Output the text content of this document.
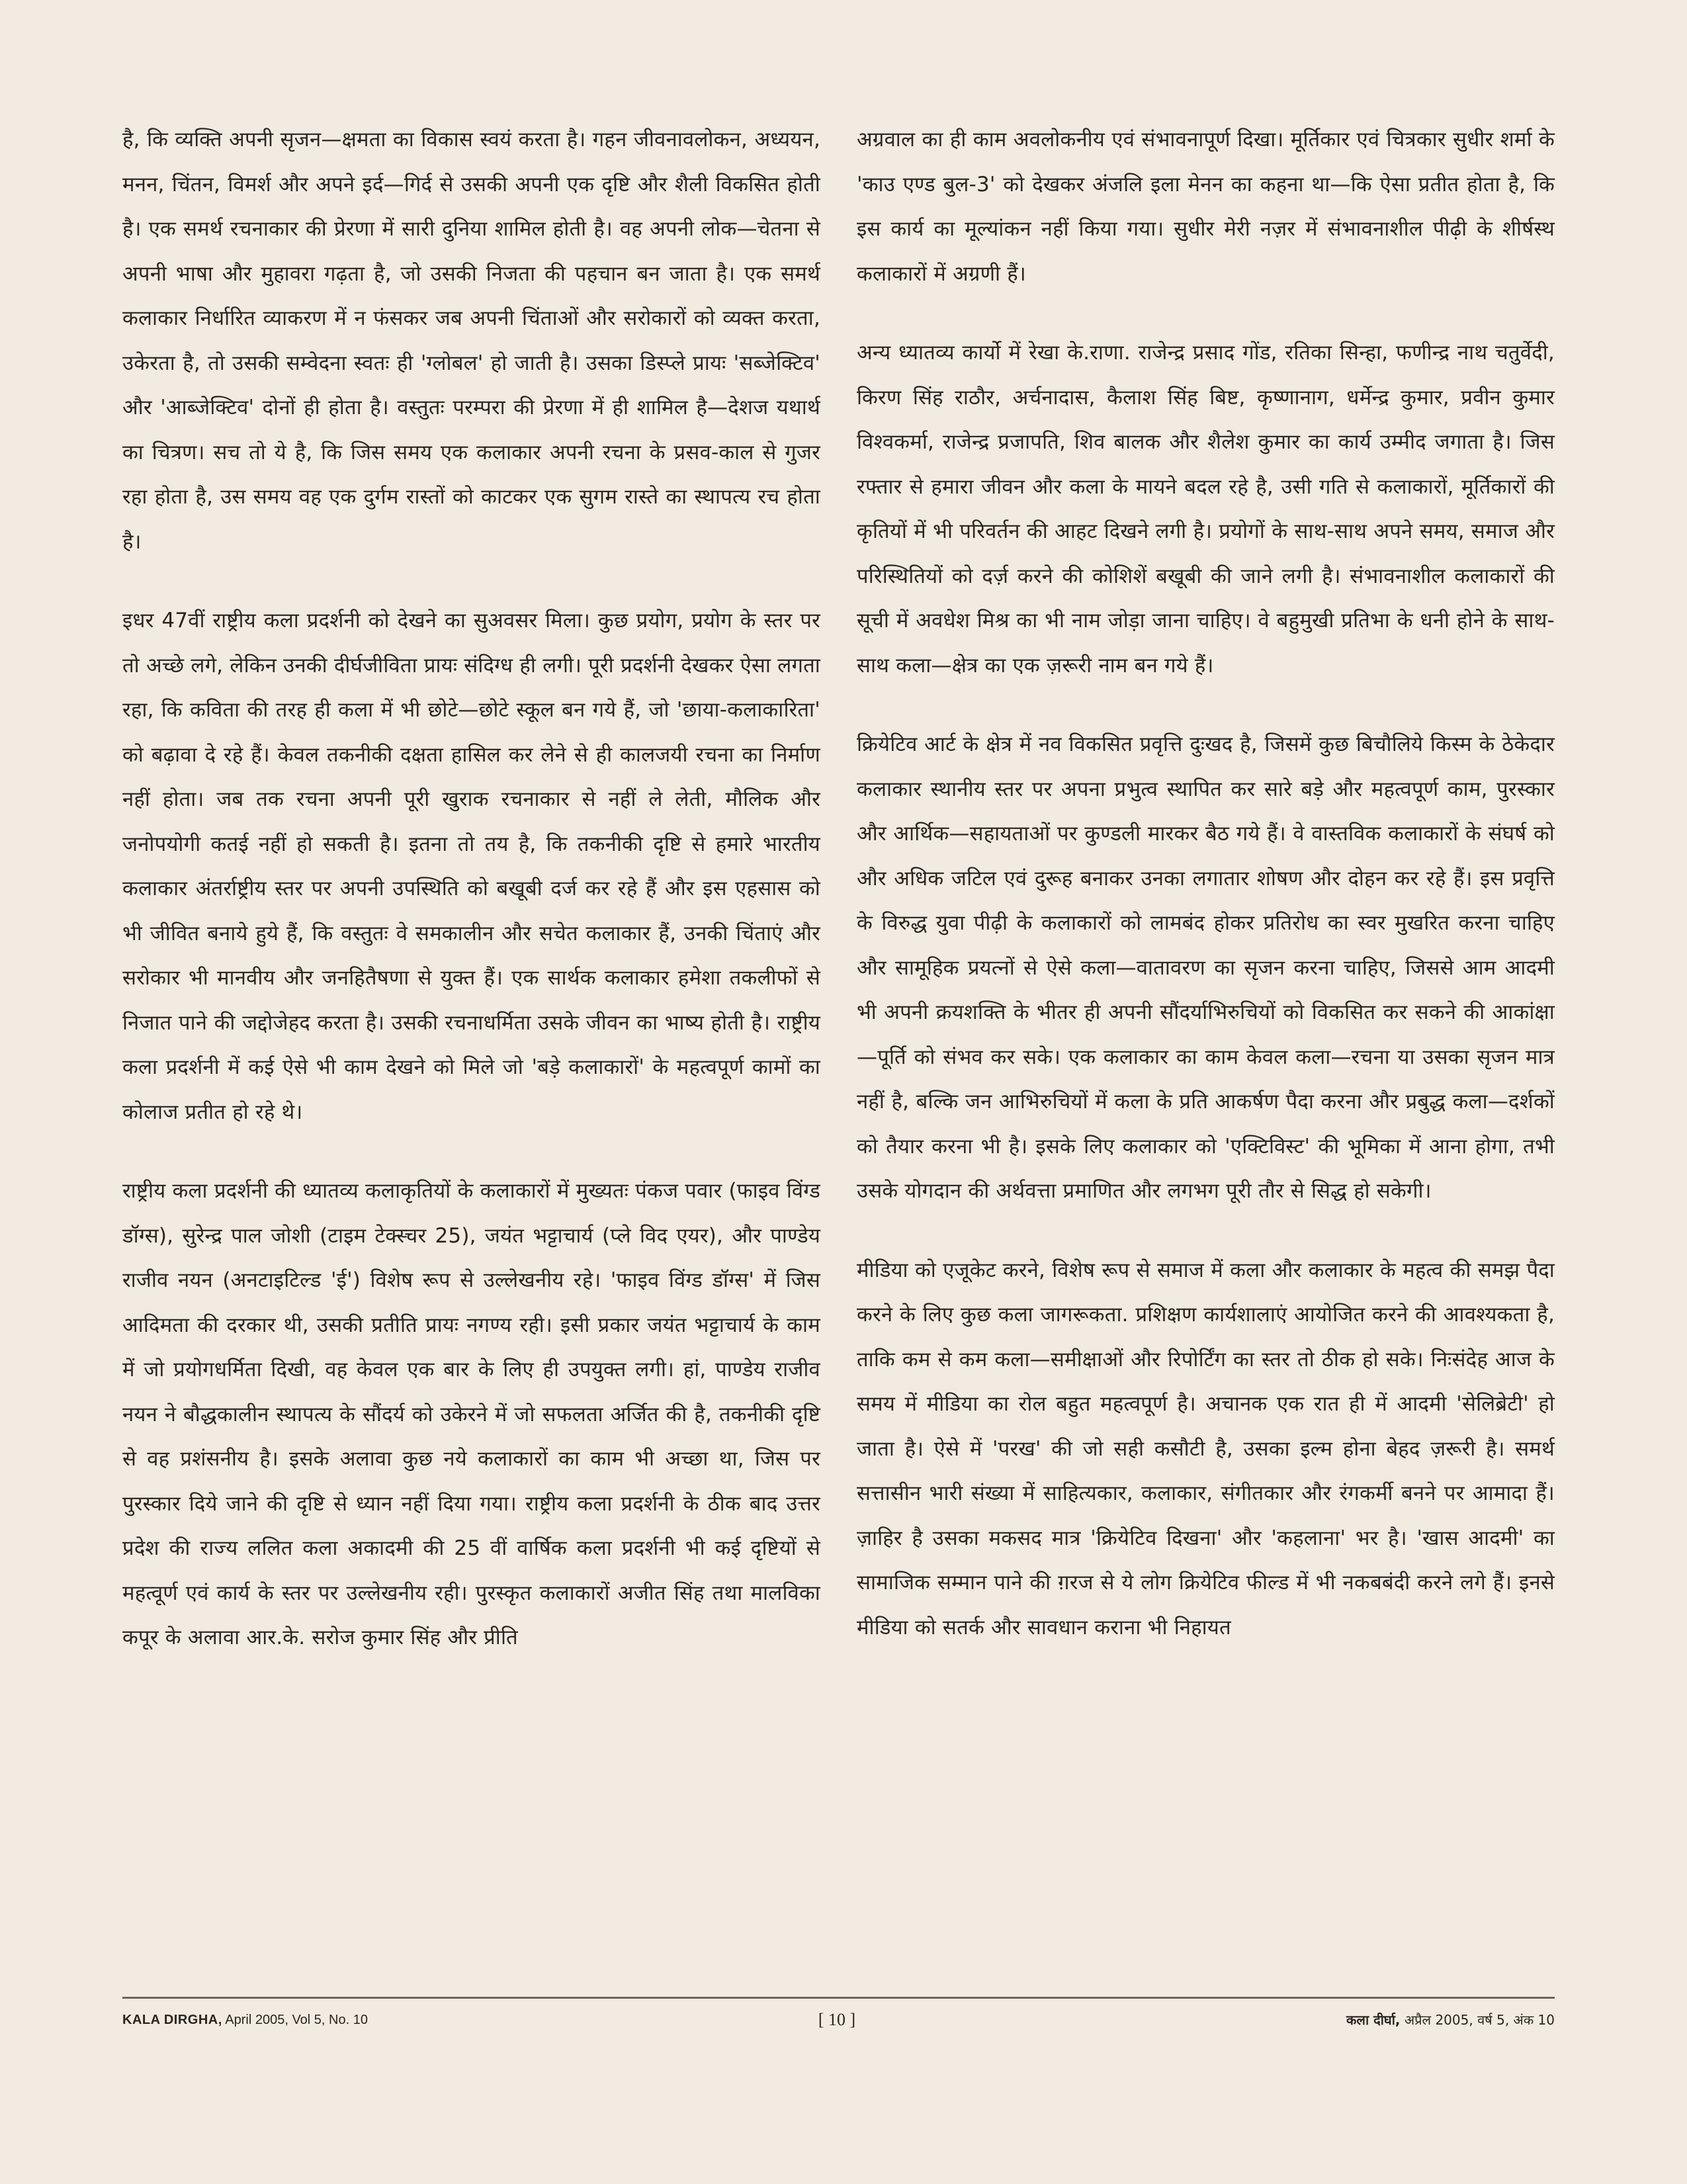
है, कि व्यक्ति अपनी सृजन—क्षमता का विकास स्वयं करता है। गहन जीवनावलोकन, अध्ययन, मनन, चिंतन, विमर्श और अपने इर्द—गिर्द से उसकी अपनी एक दृष्टि और शैली विकसित होती है। एक समर्थ रचनाकार की प्रेरणा में सारी दुनिया शामिल होती है। वह अपनी लोक—चेतना से अपनी भाषा और मुहावरा गढ़ता है, जो उसकी निजता की पहचान बन जाता है। एक समर्थ कलाकार निर्धारित व्याकरण में न फंसकर जब अपनी चिंताओं और सरोकारों को व्यक्त करता, उकेरता है, तो उसकी सम्वेदना स्वतः ही 'ग्लोबल' हो जाती है। उसका डिस्प्ले प्रायः 'सब्जेक्टिव' और 'आब्जेक्टिव' दोनों ही होता है। वस्तुतः परम्परा की प्रेरणा में ही शामिल है—देशज यथार्थ का चित्रण। सच तो ये है, कि जिस समय एक कलाकार अपनी रचना के प्रसव-काल से गुजर रहा होता है, उस समय वह एक दुर्गम रास्तों को काटकर एक सुगम रास्ते का स्थापत्य रच होता है।

इधर 47वीं राष्ट्रीय कला प्रदर्शनी को देखने का सुअवसर मिला। कुछ प्रयोग, प्रयोग के स्तर पर तो अच्छे लगे, लेकिन उनकी दीर्घजीविता प्रायः संदिग्ध ही लगी। पूरी प्रदर्शनी देखकर ऐसा लगता रहा, कि कविता की तरह ही कला में भी छोटे—छोटे स्कूल बन गये हैं, जो 'छाया-कलाकारिता' को बढ़ावा दे रहे हैं। केवल तकनीकी दक्षता हासिल कर लेने से ही कालजयी रचना का निर्माण नहीं होता। जब तक रचना अपनी पूरी खुराक रचनाकार से नहीं ले लेती, मौलिक और जनोपयोगी कतई नहीं हो सकती है। इतना तो तय है, कि तकनीकी दृष्टि से हमारे भारतीय कलाकार अंतर्राष्ट्रीय स्तर पर अपनी उपस्थिति को बखूबी दर्ज कर रहे हैं और इस एहसास को भी जीवित बनाये हुये हैं, कि वस्तुतः वे समकालीन और सचेत कलाकार हैं, उनकी चिंताएं और सरोकार भी मानवीय और जनहितैषणा से युक्त हैं। एक सार्थक कलाकार हमेशा तकलीफों से निजात पाने की जद्दोजेहद करता है। उसकी रचनाधर्मिता उसके जीवन का भाष्य होती है। राष्ट्रीय कला प्रदर्शनी में कई ऐसे भी काम देखने को मिले जो 'बड़े कलाकारों' के महत्वपूर्ण कामों का कोलाज प्रतीत हो रहे थे।

राष्ट्रीय कला प्रदर्शनी की ध्यातव्य कलाकृतियों के कलाकारों में मुख्यतः पंकज पवार (फाइव विंग्ड डॉग्स), सुरेन्द्र पाल जोशी (टाइम टेक्स्चर 25), जयंत भट्टाचार्य (प्ले विद एयर), और पाण्डेय राजीव नयन (अनटाइटिल्ड 'ई') विशेष रूप से उल्लेखनीय रहे। 'फाइव विंग्ड डॉग्स' में जिस आदिमता की दरकार थी, उसकी प्रतीति प्रायः नगण्य रही। इसी प्रकार जयंत भट्टाचार्य के काम में जो प्रयोगधर्मिता दिखी, वह केवल एक बार के लिए ही उपयुक्त लगी। हां, पाण्डेय राजीव नयन ने बौद्धकालीन स्थापत्य के सौंदर्य को उकेरने में जो सफलता अर्जित की है, तकनीकी दृष्टि से वह प्रशंसनीय है। इसके अलावा कुछ नये कलाकारों का काम भी अच्छा था, जिस पर पुरस्कार दिये जाने की दृष्टि से ध्यान नहीं दिया गया। राष्ट्रीय कला प्रदर्शनी के ठीक बाद उत्तर प्रदेश की राज्य ललित कला अकादमी की 25 वीं वार्षिक कला प्रदर्शनी भी कई दृष्टियों से महत्वूर्ण एवं कार्य के स्तर पर उल्लेखनीय रही। पुरस्कृत कलाकारों अजीत सिंह तथा मालविका कपूर के अलावा आर.के. सरोज कुमार सिंह और प्रीति

अग्रवाल का ही काम अवलोकनीय एवं संभावनापूर्ण दिखा। मूर्तिकार एवं चित्रकार सुधीर शर्मा के 'काउ एण्ड बुल-3' को देखकर अंजलि इला मेनन का कहना था—कि ऐसा प्रतीत होता है, कि इस कार्य का मूल्यांकन नहीं किया गया। सुधीर मेरी नज़र में संभावनाशील पीढ़ी के शीर्षस्थ कलाकारों में अग्रणी हैं।

अन्य ध्यातव्य कार्यो में रेखा के.राणा. राजेन्द्र प्रसाद गोंड, रतिका सिन्हा, फणीन्द्र नाथ चतुर्वेदी, किरण सिंह राठौर, अर्चनादास, कैलाश सिंह बिष्ट, कृष्णानाग, धर्मेन्द्र कुमार, प्रवीन कुमार विश्वकर्मा, राजेन्द्र प्रजापति, शिव बालक और शैलेश कुमार का कार्य उम्मीद जगाता है। जिस रफ्तार से हमारा जीवन और कला के मायने बदल रहे है, उसी गति से कलाकारों, मूर्तिकारों की कृतियों में भी परिवर्तन की आहट दिखने लगी है। प्रयोगों के साथ-साथ अपने समय, समाज और परिस्थितियों को दर्ज़ करने की कोशिशें बखूबी की जाने लगी है। संभावनाशील कलाकारों की सूची में अवधेश मिश्र का भी नाम जोड़ा जाना चाहिए। वे बहुमुखी प्रतिभा के धनी होने के साथ-साथ कला—क्षेत्र का एक ज़रूरी नाम बन गये हैं।

क्रियेटिव आर्ट के क्षेत्र में नव विकसित प्रवृत्ति दुःखद है, जिसमें कुछ बिचौलिये किस्म के ठेकेदार कलाकार स्थानीय स्तर पर अपना प्रभुत्व स्थापित कर सारे बड़े और महत्वपूर्ण काम, पुरस्कार और आर्थिक—सहायताओं पर कुण्डली मारकर बैठ गये हैं। वे वास्तविक कलाकारों के संघर्ष को और अधिक जटिल एवं दुरूह बनाकर उनका लगातार शोषण और दोहन कर रहे हैं। इस प्रवृत्ति के विरुद्ध युवा पीढ़ी के कलाकारों को लामबंद होकर प्रतिरोध का स्वर मुखरित करना चाहिए और सामूहिक प्रयत्नों से ऐसे कला—वातावरण का सृजन करना चाहिए, जिससे आम आदमी भी अपनी क्रयशक्ति के भीतर ही अपनी सौंदर्याभिरुचियों को विकसित कर सकने की आकांक्षा—पूर्ति को संभव कर सके। एक कलाकार का काम केवल कला—रचना या उसका सृजन मात्र नहीं है, बल्कि जन आभिरुचियों में कला के प्रति आकर्षण पैदा करना और प्रबुद्ध कला—दर्शकों को तैयार करना भी है। इसके लिए कलाकार को 'एक्टिविस्ट' की भूमिका में आना होगा, तभी उसके योगदान की अर्थवत्ता प्रमाणित और लगभग पूरी तौर से सिद्ध हो सकेगी।

मीडिया को एजूकेट करने, विशेष रूप से समाज में कला और कलाकार के महत्व की समझ पैदा करने के लिए कुछ कला जागरूकता. प्रशिक्षण कार्यशालाएं आयोजित करने की आवश्यकता है, ताकि कम से कम कला—समीक्षाओं और रिपोर्टिंग का स्तर तो ठीक हो सके। निःसंदेह आज के समय में मीडिया का रोल बहुत महत्वपूर्ण है। अचानक एक रात ही में आदमी 'सेलिब्रेटी' हो जाता है। ऐसे में 'परख' की जो सही कसौटी है, उसका इल्म होना बेहद ज़रूरी है। समर्थ सत्तासीन भारी संख्या में साहित्यकार, कलाकार, संगीतकार और रंगकर्मी बनने पर आमादा हैं। ज़ाहिर है उसका मकसद मात्र 'क्रियेटिव दिखना' और 'कहलाना' भर है। 'खास आदमी' का सामाजिक सम्मान पाने की ग़रज से ये लोग क्रियेटिव फील्ड में भी नकबबंदी करने लगे हैं। इनसे मीडिया को सतर्क और सावधान कराना भी निहायत

KALA DIRGHA, April 2005, Vol 5, No. 10	[ 10 ]	कला दीर्घा, अप्रैल 2005, वर्ष 5, अंक 10
